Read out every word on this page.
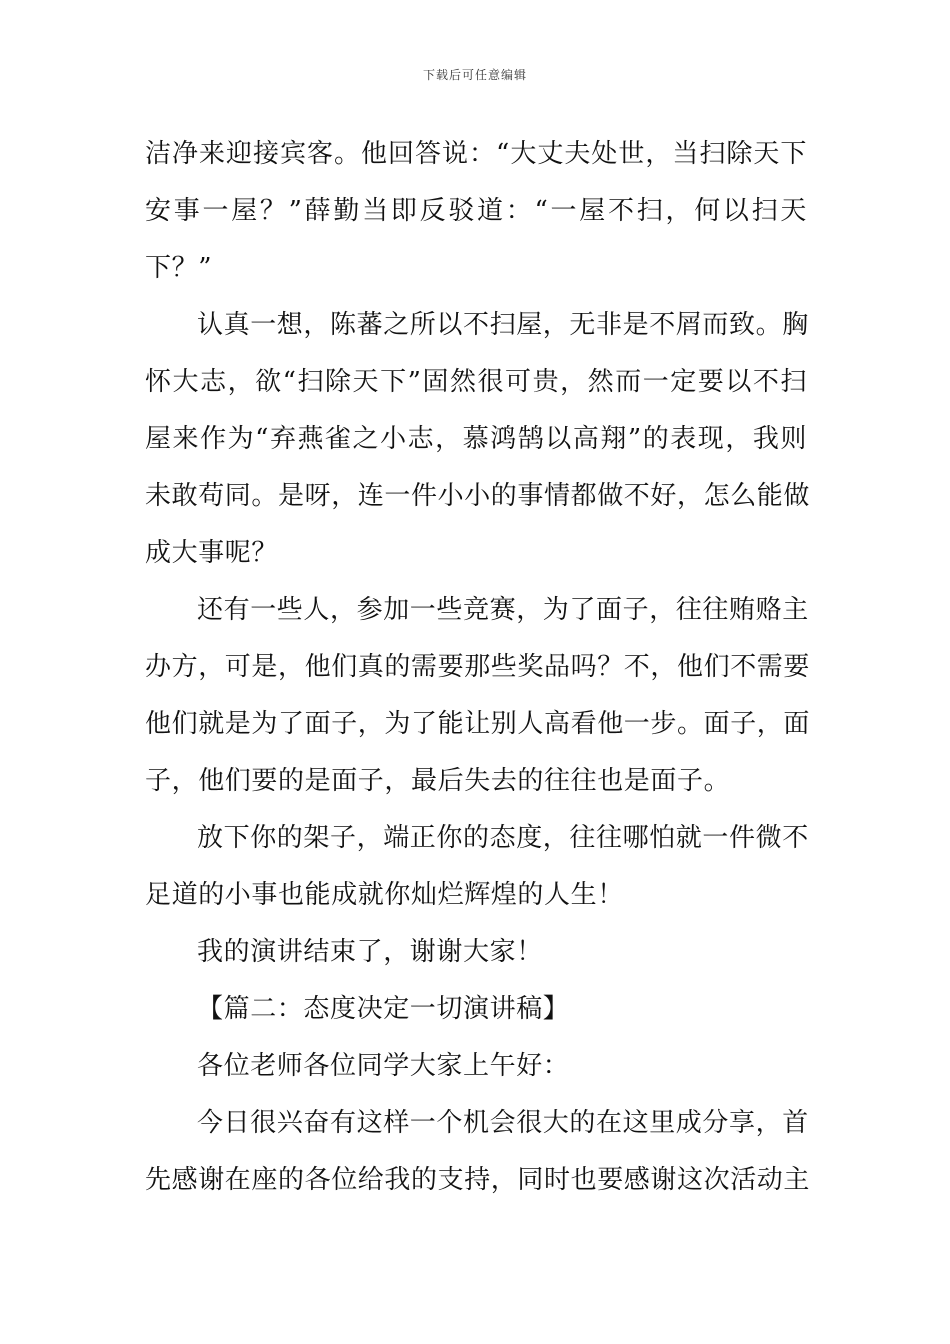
下载后可任意编辑
洁净来迎接宾客。他回答说：“大丈夫处世，当扫除天下
安事一屋？”薛勤当即反驳道：“一屋不扫，何以扫天
下？”
认真一想，陈蕃之所以不扫屋，无非是不屑而致。胸
怀大志，欲“扫除天下”固然很可贵，然而一定要以不扫
屋来作为“弃燕雀之小志，慕鸿鹄以高翔”的表现，我则
未敢苟同。是呀，连一件小小的事情都做不好，怎么能做
成大事呢？
还有一些人，参加一些竞赛，为了面子，往往贿赂主
办方，可是，他们真的需要那些奖品吗？不，他们不需要
他们就是为了面子，为了能让别人高看他一步。面子，面
子，他们要的是面子，最后失去的往往也是面子。
放下你的架子，端正你的态度，往往哪怕就一件微不
足道的小事也能成就你灿烂辉煌的人生！
我的演讲结束了，谢谢大家！
【篇二：态度决定一切演讲稿】
各位老师各位同学大家上午好：
今日很兴奋有这样一个机会很大的在这里成分享，首
先感谢在座的各位给我的支持，同时也要感谢这次活动主
